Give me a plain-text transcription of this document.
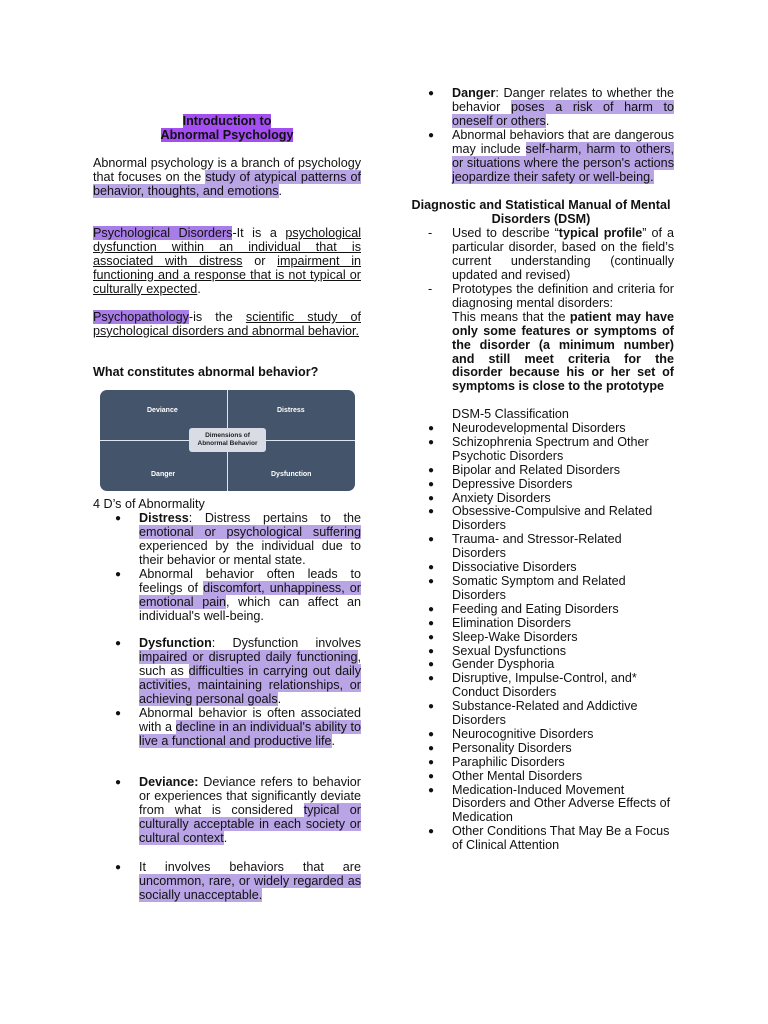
Introduction to
Abnormal Psychology
Abnormal psychology is a branch of psychology that focuses on the study of atypical patterns of behavior, thoughts, and emotions.
Psychological Disorders-It is a psychological dysfunction within an individual that is associated with distress or impairment in functioning and a response that is not typical or culturally expected.
Psychopathology-is the scientific study of psychological disorders and abnormal behavior.
What constitutes abnormal behavior?
Deviance	Distress
Danger	Dysfunction
Dimensions of
Abnormal Behavior
4 D’s of Abnormality
● Distress: Distress pertains to the emotional or psychological suffering experienced by the individual due to their behavior or mental state.
● Abnormal behavior often leads to feelings of discomfort, unhappiness, or emotional pain, which can affect an individual's well-being.
● Dysfunction: Dysfunction involves impaired or disrupted daily functioning, such as difficulties in carrying out daily activities, maintaining relationships, or achieving personal goals.
● Abnormal behavior is often associated with a decline in an individual's ability to live a functional and productive life.
● Deviance: Deviance refers to behavior or experiences that significantly deviate from what is considered typical or culturally acceptable in each society or cultural context.
● It involves behaviors that are uncommon, rare, or widely regarded as socially unacceptable.
● Danger: Danger relates to whether the behavior poses a risk of harm to oneself or others.
● Abnormal behaviors that are dangerous may include self-harm, harm to others, or situations where the person's actions jeopardize their safety or well-being.
Diagnostic and Statistical Manual of Mental Disorders (DSM)
- Used to describe “typical profile” of a particular disorder, based on the field’s current understanding (continually updated and revised)
- Prototypes the definition and criteria for diagnosing mental disorders:
This means that the patient may have only some features or symptoms of the disorder (a minimum number) and still meet criteria for the disorder because his or her set of symptoms is close to the prototype
DSM-5 Classification
● Neurodevelopmental Disorders
● Schizophrenia Spectrum and Other Psychotic Disorders
● Bipolar and Related Disorders
● Depressive Disorders
● Anxiety Disorders
● Obsessive-Compulsive and Related Disorders
● Trauma- and Stressor-Related Disorders
● Dissociative Disorders
● Somatic Symptom and Related Disorders
● Feeding and Eating Disorders
● Elimination Disorders
● Sleep-Wake Disorders
● Sexual Dysfunctions
● Gender Dysphoria
● Disruptive, Impulse-Control, and* Conduct Disorders
● Substance-Related and Addictive Disorders
● Neurocognitive Disorders
● Personality Disorders
● Paraphilic Disorders
● Other Mental Disorders
● Medication-Induced Movement Disorders and Other Adverse Effects of Medication
● Other Conditions That May Be a Focus of Clinical Attention
